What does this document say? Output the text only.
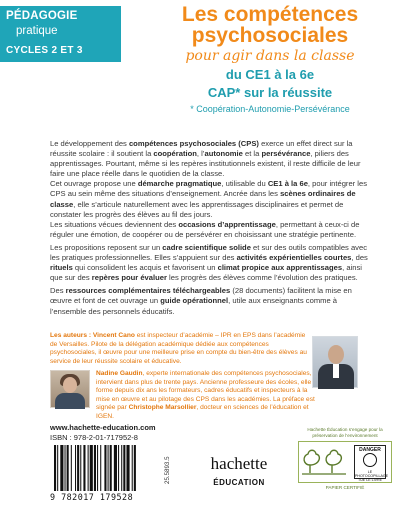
PÉDAGOGIE
pratique
CYCLES 2 ET 3
Les compétences
psychosociales
pour agir dans la classe
du CE1 à la 6e
CAP* sur la réussite
* Coopération-Autonomie-Persévérance

Le développement des compétences psychosociales (CPS) exerce un effet direct sur la réussite scolaire : il soutient la coopération, l’autonomie et la persévérance, piliers des apprentissages. Pourtant, même si les repères institutionnels existent, il reste difficile de leur faire une place réelle dans le quotidien de la classe.

Cet ouvrage propose une démarche pragmatique, utilisable du CE1 à la 6e, pour intégrer les CPS au sein même des situations d’enseignement. Ancrée dans les scènes ordinaires de classe, elle s’articule naturellement avec les apprentissages disciplinaires et permet de constater les progrès des élèves au fil des jours.

Les situations vécues deviennent des occasions d’apprentissage, permettant à ceux-ci de réguler une émotion, de coopérer ou de persévérer en choisissant une stratégie pertinente.

Les propositions reposent sur un cadre scientifique solide et sur des outils compatibles avec les pratiques professionnelles. Elles s’appuient sur des activités expérientielles courtes, des rituels qui consolident les acquis et favorisent un climat propice aux apprentissages, ainsi que sur des repères pour évaluer les progrès des élèves comme l’évolution des pratiques.

Des ressources complémentaires téléchargeables (28 documents) facilitent la mise en œuvre et font de cet ouvrage un guide opérationnel, utile aux enseignants comme à l’ensemble des personnels éducatifs.

Les auteurs : Vincent Cano est inspecteur d’académie – IPR en EPS dans l’académie de Versailles. Pilote de la délégation académique dédiée aux compétences psychosociales, il œuvre pour une meilleure prise en compte du bien-être des élèves au service de leur réussite scolaire et éducative.
Nadine Gaudin, experte internationale des compétences psychosociales, intervient dans plus de trente pays. Ancienne professeure des écoles, elle forme depuis dix ans les formateurs, cadres éducatifs et inspecteurs à la mise en œuvre et au pilotage des CPS dans les académies. La préface est signée par Christophe Marsollier, docteur en sciences de l’éducation et IGEN.
www.hachette-education.com
ISBN : 978-2-01-717952-8
9 782017 179528
25.5893.5	hachette
ÉDUCATION
Hachette Éducation s’engage pour la préservation de l’environnement
DANGER
LE PHOTOCOPILLAGE TUE LE LIVRE
PAPIER CERTIFIÉ
